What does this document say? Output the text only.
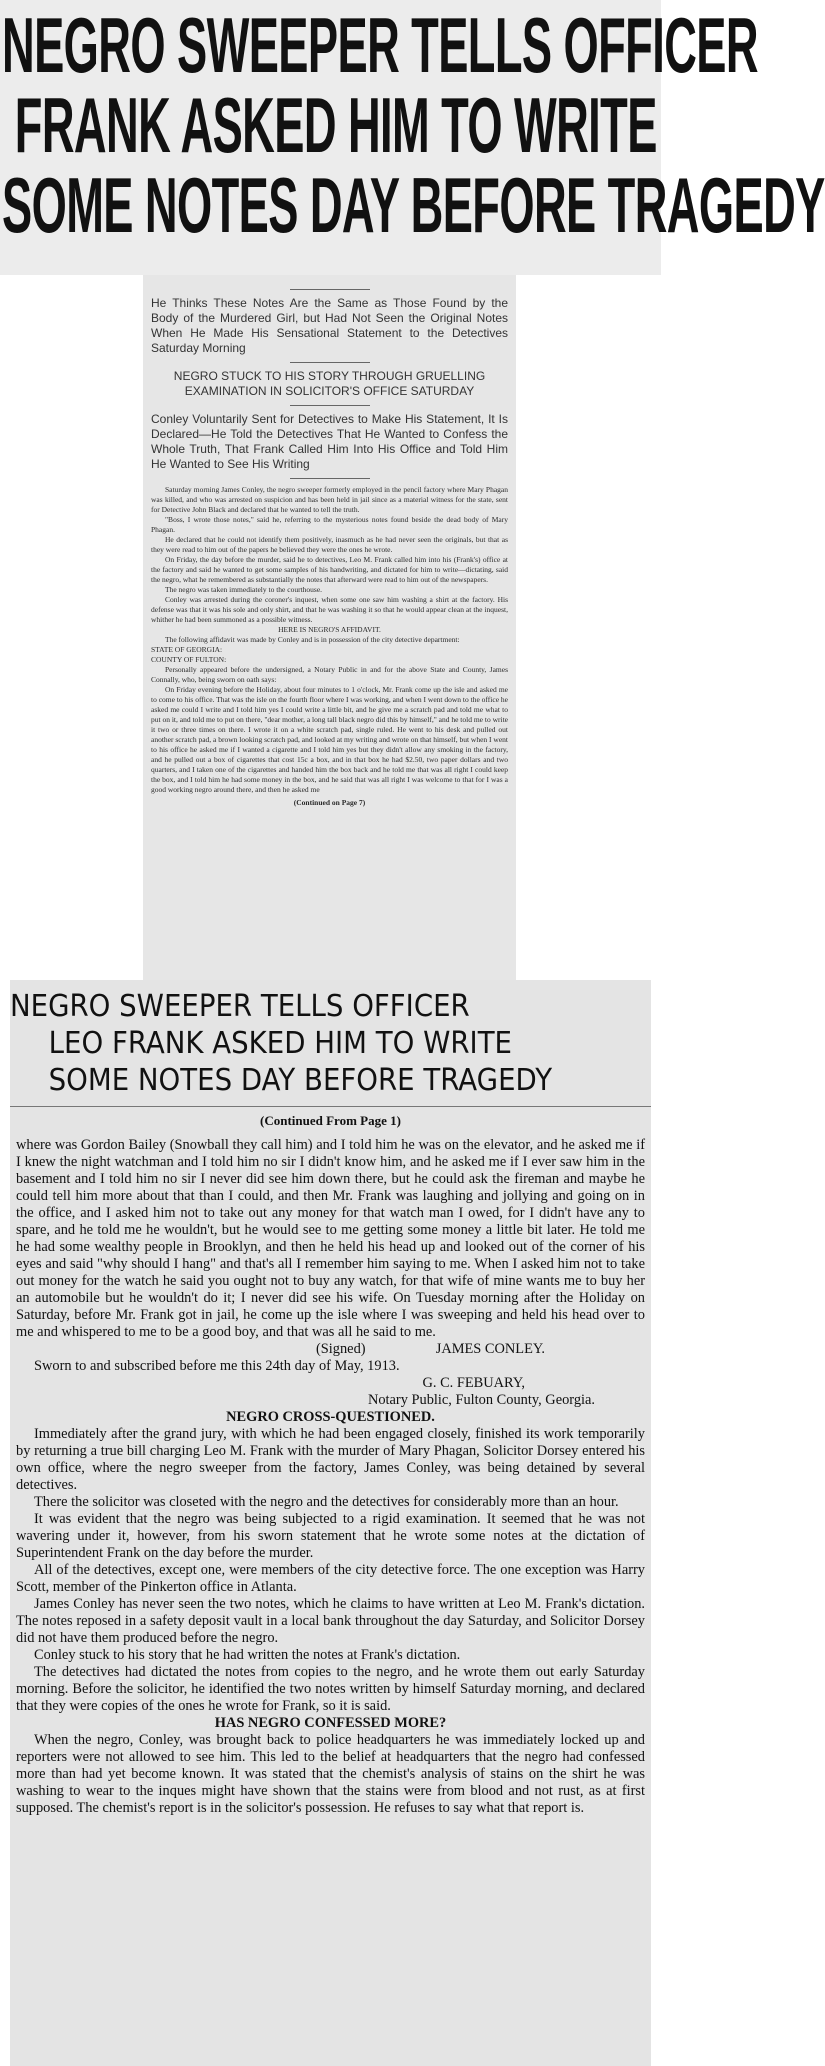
NEGRO SWEEPER TELLS OFFICER
FRANK ASKED HIM TO WRITE
SOME NOTES DAY BEFORE TRAGEDY
He Thinks These Notes Are the Same as Those Found by the Body of the Murdered Girl, but Had Not Seen the Original Notes When He Made His Sensational Statement to the Detectives Saturday Morning
NEGRO STUCK TO HIS STORY THROUGH GRUELLING EXAMINATION IN SOLICITOR'S OFFICE SATURDAY
Conley Voluntarily Sent for Detectives to Make His Statement, It Is Declared—He Told the Detectives That He Wanted to Confess the Whole Truth, That Frank Called Him Into His Office and Told Him He Wanted to See His Writing

Saturday morning James Conley, the negro sweeper formerly employed in the pencil factory where Mary Phagan was killed, and who was arrested on suspicion and has been held in jail since as a material witness for the state, sent for Detective John Black and declared that he wanted to tell the truth.

"Boss, I wrote those notes," said he, referring to the mysterious notes found beside the dead body of Mary Phagan.

He declared that he could not identify them positively, inasmuch as he had never seen the originals, but that as they were read to him out of the papers he believed they were the ones he wrote.

On Friday, the day before the murder, said he to detectives, Leo M. Frank called him into his (Frank's) office at the factory and said he wanted to get some samples of his handwriting, and dictated for him to write—dictating, said the negro, what he remembered as substantially the notes that afterward were read to him out of the newspapers.

The negro was taken immediately to the courthouse.

Conley was arrested during the coroner's inquest, when some one saw him washing a shirt at the factory. His defense was that it was his sole and only shirt, and that he was washing it so that he would appear clean at the inquest, whither he had been summoned as a possible witness.

HERE IS NEGRO'S AFFIDAVIT.

The following affidavit was made by Conley and is in possession of the city detective department:

STATE OF GEORGIA:

COUNTY OF FULTON:

Personally appeared before the undersigned, a Notary Public in and for the above State and County, James Connally, who, being sworn on oath says:

On Friday evening before the Holiday, about four minutes to 1 o'clock, Mr. Frank come up the isle and asked me to come to his office. That was the isle on the fourth floor where I was working, and when I went down to the office he asked me could I write and I told him yes I could write a little bit, and he give me a scratch pad and told me what to put on it, and told me to put on there, "dear mother, a long tall black negro did this by himself," and he told me to write it two or three times on there. I wrote it on a white scratch pad, single ruled. He went to his desk and pulled out another scratch pad, a brown looking scratch pad, and looked at my writing and wrote on that himself, but when I went to his office he asked me if I wanted a cigarette and I told him yes but they didn't allow any smoking in the factory, and he pulled out a box of cigarettes that cost 15c a box, and in that box he had $2.50, two paper dollars and two quarters, and I taken one of the cigarettes and handed him the box back and he told me that was all right I could keep the box, and I told him he had some money in the box, and he said that was all right I was welcome to that for I was a good working negro around there, and then he asked me

(Continued on Page 7)

NEGRO SWEEPER TELLS OFFICER
LEO FRANK ASKED HIM TO WRITE
SOME NOTES DAY BEFORE TRAGEDY

(Continued From Page 1)

where was Gordon Bailey (Snowball they call him) and I told him he was on the elevator, and he asked me if I knew the night watchman and I told him no sir I didn't know him, and he asked me if I ever saw him in the basement and I told him no sir I never did see him down there, but he could ask the fireman and maybe he could tell him more about that than I could, and then Mr. Frank was laughing and jollying and going on in the office, and I asked him not to take out any money for that watch man I owed, for I didn't have any to spare, and he told me he wouldn't, but he would see to me getting some money a little bit later. He told me he had some wealthy people in Brooklyn, and then he held his head up and looked out of the corner of his eyes and said "why should I hang" and that's all I remember him saying to me. When I asked him not to take out money for the watch he said you ought not to buy any watch, for that wife of mine wants me to buy her an automobile but he wouldn't do it; I never did see his wife. On Tuesday morning after the Holiday on Saturday, before Mr. Frank got in jail, he come up the isle where I was sweeping and held his head over to me and whispered to me to be a good boy, and that was all he said to me.

(Signed)	JAMES CONLEY.

Sworn to and subscribed before me this 24th day of May, 1913.

G. C. FEBUARY,

Notary Public, Fulton County, Georgia.

NEGRO CROSS-QUESTIONED.

Immediately after the grand jury, with which he had been engaged closely, finished its work temporarily by returning a true bill charging Leo M. Frank with the murder of Mary Phagan, Solicitor Dorsey entered his own office, where the negro sweeper from the factory, James Conley, was being detained by several detectives.

There the solicitor was closeted with the negro and the detectives for considerably more than an hour.

It was evident that the negro was being subjected to a rigid examination. It seemed that he was not wavering under it, however, from his sworn statement that he wrote some notes at the dictation of Superintendent Frank on the day before the murder.

All of the detectives, except one, were members of the city detective force. The one exception was Harry Scott, member of the Pinkerton office in Atlanta.

James Conley has never seen the two notes, which he claims to have written at Leo M. Frank's dictation. The notes reposed in a safety deposit vault in a local bank throughout the day Saturday, and Solicitor Dorsey did not have them produced before the negro.

Conley stuck to his story that he had written the notes at Frank's dictation.

The detectives had dictated the notes from copies to the negro, and he wrote them out early Saturday morning. Before the solicitor, he identified the two notes written by himself Saturday morning, and declared that they were copies of the ones he wrote for Frank, so it is said.

HAS NEGRO CONFESSED MORE?

When the negro, Conley, was brought back to police headquarters he was immediately locked up and reporters were not allowed to see him. This led to the belief at headquarters that the negro had confessed more than had yet become known. It was stated that the chemist's analysis of stains on the shirt he was washing to wear to the inques might have shown that the stains were from blood and not rust, as at first supposed. The chemist's report is in the solicitor's possession. He refuses to say what that report is.
